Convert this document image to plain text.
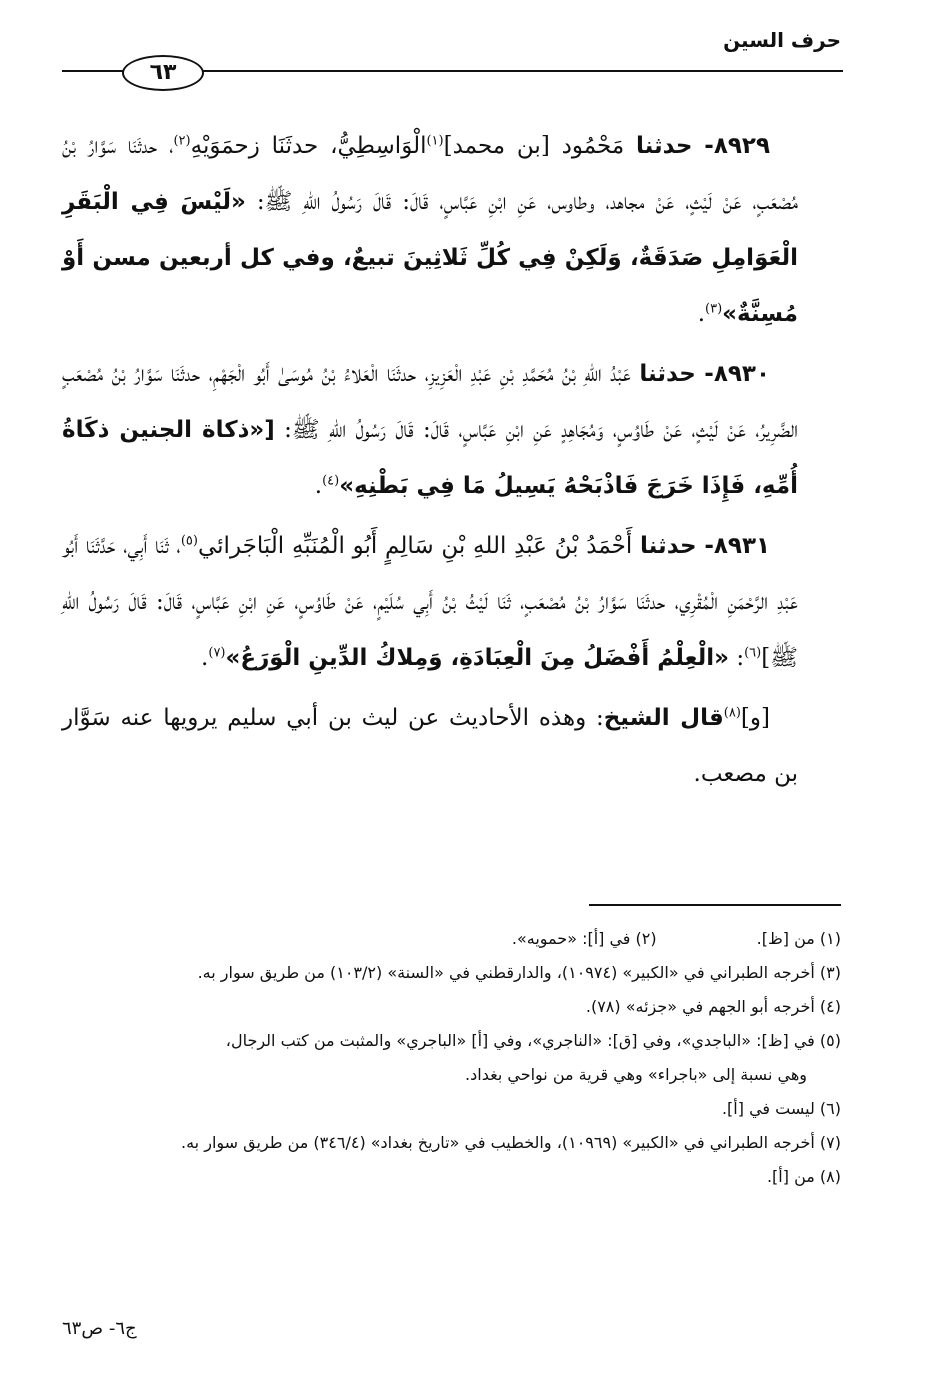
حرف السين
٦٣

٨٩٢٩- حدثنا مَحْمُود [بن محمد]$^{(١)}$الْوَاسِطِيُّ، حدثَنَا زحمَوَيْهِ$^{(٢)}$، حدثَنَا سَوَّارُ بْنُ مُصْعَبٍ، عَنْ لَيْثٍ، عَنْ مجاهد، وطاوس، عَنِ ابْنِ عَبَّاسٍ، قَالَ: قَالَ رَسُولُ اللهِ ﷺ: «لَيْسَ فِي الْبَقَرِ الْعَوَامِلِ صَدَقَةٌ، وَلَكِنْ فِي كُلِّ ثَلاثِينَ تبيعٌ، وفي كل أربعين مسن أَوْ مُسِنَّةٌ»$^{(٣)}$.

٨٩٣٠- حدثنا عَبْدُ اللهِ بْنُ مُحَمَّدِ بْنِ عَبْدِ الْعَزِيزِ، حدثَنَا الْعَلاءُ بْنُ مُوسَىٰ أَبُو الْجَهْمِ، حدثَنَا سَوَّارُ بْنُ مُصْعَبٍ الضَّرِيرُ، عَنْ لَيْثٍ، عَنْ طَاوُسٍ، وَمُجَاهِدٍ عَنِ ابْنِ عَبَّاسٍ، قَالَ: قَالَ رَسُولُ اللهِ ﷺ: [«ذكاة الجنين ذكَاةُ أُمِّهِ، فَإِذَا خَرَجَ فَاذْبَحْهُ يَسِيلُ مَا فِي بَطْنِهِ»$^{(٤)}$.

٨٩٣١- حدثنا أَحْمَدُ بْنُ عَبْدِ اللهِ بْنِ سَالِمٍ أَبُو الْمُنَبِّهِ الْبَاجَرائي$^{(٥)}$، ثَنَا أَبِي، حَدَّثَنَا أَبُو عَبْدِ الرَّحْمَنِ الْمُقْرِي، حدثَنَا سَوَّارُ بْنُ مُصْعَبٍ، ثَنَا لَيْثُ بْنُ أَبِي سُلَيْمٍ، عَنْ طَاوُسٍ، عَنِ ابْنِ عَبَّاسٍ، قَالَ: قَالَ رَسُولُ اللهِ ﷺ]$^{(٦)}$: «الْعِلْمُ أَفْضَلُ مِنَ الْعِبَادَةِ، وَمِلاكُ الدِّينِ الْوَرَعُ»$^{(٧)}$.

[و]$^{(٨)}$قال الشيخ: وهذه الأحاديث عن ليث بن أبي سليم يرويها عنه سَوَّار بن مصعب.

(١) من [ظ].
(٢) في [أ]: «حمويه».
(٣) أخرجه الطبراني في «الكبير» (١٠٩٧٤)، والدارقطني في «السنة» (١٠٣/٢) من طريق سوار به.
(٤) أخرجه أبو الجهم في «جزئه» (٧٨).
(٥) في [ظ]: «الباجدي»، وفي [ق]: «الناجري»، وفي [أ] «الباجري» والمثبت من كتب الرجال،
وهي نسبة إلى «باجراء» وهي قرية من نواحي بغداد.
(٦) ليست في [أ].
(٧) أخرجه الطبراني في «الكبير» (١٠٩٦٩)، والخطيب في «تاريخ بغداد» (٣٤٦/٤) من طريق سوار به.
(٨) من [أ].
ج٦- ص٦٣
